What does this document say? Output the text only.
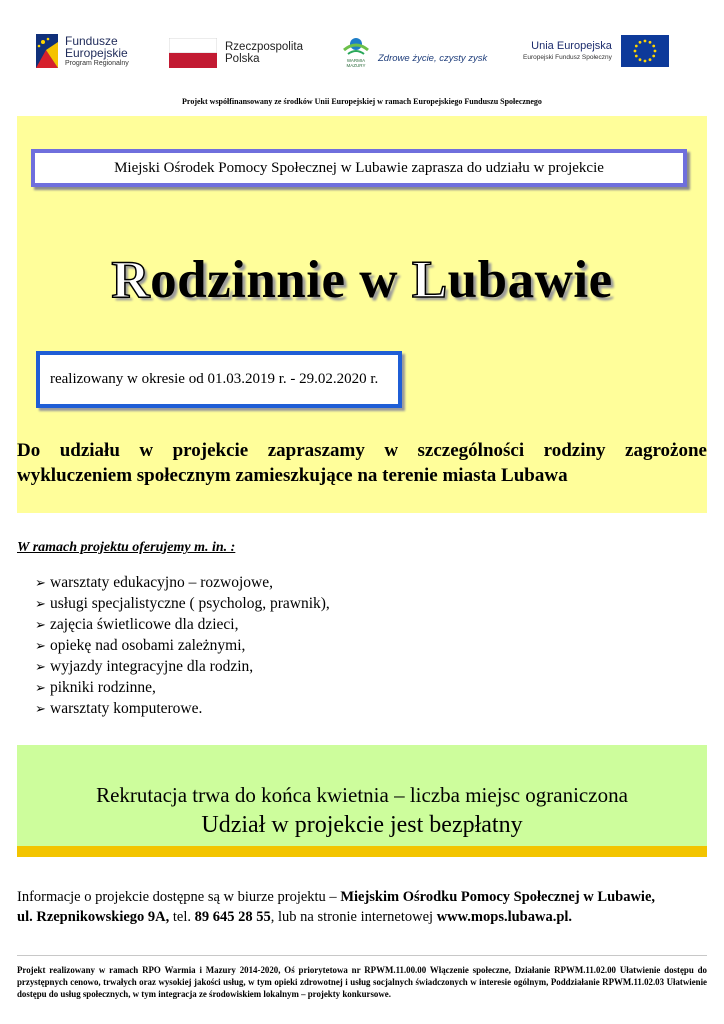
Fundusze
Europejskie
Program Regionalny
Rzeczpospolita
Polska	WARMIA MAZURY
Zdrowe życie, czysty zysk
Unia Europejska
Europejski Fundusz Społeczny
Projekt współfinansowany ze środków Unii Europejskiej w ramach Europejskiego Funduszu Społecznego
Miejski Ośrodek Pomocy Społecznej w Lubawie zaprasza do udziału w projekcie
Rodzinnie w Lubawie
realizowany w okresie od 01.03.2019 r. - 29.02.2020 r.
Do udziału w projekcie zapraszamy w szczególności rodziny zagrożone wykluczeniem społecznym zamieszkujące na terenie miasta Lubawa
W ramach projektu oferujemy m. in. :
➢ warsztaty edukacyjno – rozwojowe,
➢ usługi specjalistyczne ( psycholog, prawnik),
➢ zajęcia świetlicowe dla dzieci,
➢ opiekę nad osobami zależnymi,
➢ wyjazdy integracyjne dla rodzin,
➢ pikniki rodzinne,
➢ warsztaty komputerowe.
Rekrutacja trwa do końca kwietnia – liczba miejsc ograniczona
Udział w projekcie jest bezpłatny
Informacje o projekcie dostępne są w biurze projektu – Miejskim Ośrodku Pomocy Społecznej w Lubawie,
ul. Rzepnikowskiego 9A, tel. 89 645 28 55, lub na stronie internetowej www.mops.lubawa.pl.
Projekt realizowany w ramach RPO Warmia i Mazury 2014-2020, Oś priorytetowa nr RPWM.11.00.00 Włączenie społeczne, Działanie RPWM.11.02.00 Ułatwienie dostępu do przystępnych cenowo, trwałych oraz wysokiej jakości usług, w tym opieki zdrowotnej i usług socjalnych świadczonych w interesie ogólnym, Poddziałanie RPWM.11.02.03 Ułatwienie dostępu do usług społecznych, w tym integracja ze środowiskiem lokalnym – projekty konkursowe.
